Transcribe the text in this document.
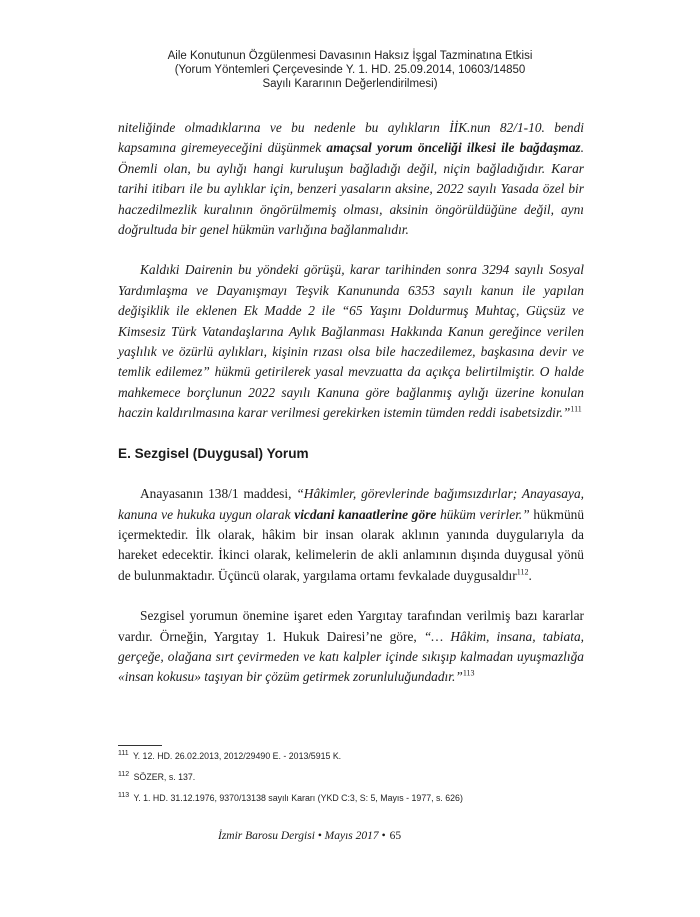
Aile Konutunun Özgülenmesi Davasının Haksız İşgal Tazminatına Etkisi
(Yorum Yöntemleri Çerçevesinde Y. 1. HD. 25.09.2014, 10603/14850
Sayılı Kararının Değerlendirilmesi)

niteliğinde olmadıklarına ve bu nedenle bu aylıkların İİK.nun 82/1-10. bendi kapsamına giremeyeceğini düşünmek amaçsal yorum önceliği ilkesi ile bağdaşmaz. Önemli olan, bu aylığı hangi kuruluşun bağladığı değil, niçin bağladığıdır. Karar tarihi itibarı ile bu aylıklar için, benzeri yasaların aksine, 2022 sayılı Yasada özel bir haczedilmezlik kuralının öngörülmemiş olması, aksinin öngörüldüğüne değil, aynı doğrultuda bir genel hükmün varlığına bağlanmalıdır.

Kaldıki Dairenin bu yöndeki görüşü, karar tarihinden sonra 3294 sayılı Sosyal Yardımlaşma ve Dayanışmayı Teşvik Kanununda 6353 sayılı kanun ile yapılan değişiklik ile eklenen Ek Madde 2 ile “65 Yaşını Doldurmuş Muhtaç, Güçsüz ve Kimsesiz Türk Vatandaşlarına Aylık Bağlanması Hakkında Kanun gereğince verilen yaşlılık ve özürlü aylıkları, kişinin rızası olsa bile haczedilemez, başkasına devir ve temlik edilemez” hükmü getirilerek yasal mevzuatta da açıkça belirtilmiştir. O halde mahkemece borçlunun 2022 sayılı Kanuna göre bağlanmış aylığı üzerine konulan haczin kaldırılmasına karar verilmesi gerekirken istemin tümden reddi isabetsizdir.”$^{111}$

E. Sezgisel (Duygusal) Yorum

Anayasanın 138/1 maddesi, “Hâkimler, görevlerinde bağımsızdırlar; Anayasaya, kanuna ve hukuka uygun olarak vicdani kanaatlerine göre hüküm verirler.” hükmünü içermektedir. İlk olarak, hâkim bir insan olarak aklının yanında duygularıyla da hareket edecektir. İkinci olarak, kelimelerin de akli anlamının dışında duygusal yönü de bulunmaktadır. Üçüncü olarak, yargılama ortamı fevkalade duygusaldır$^{112}$.

Sezgisel yorumun önemine işaret eden Yargıtay tarafından verilmiş bazı kararlar vardır. Örneğin, Yargıtay 1. Hukuk Dairesi’ne göre, “… Hâkim, insana, tabiata, gerçeğe, olağana sırt çevirmeden ve katı kalpler içinde sıkışıp kalmadan uyuşmazlığa «insan kokusu» taşıyan bir çözüm getirmek zorunluluğundadır.”$^{113}$

$^{111}$ Y. 12. HD. 26.02.2013, 2012/29490 E. - 2013/5915 K.

$^{112}$ SÖZER, s. 137.

$^{113}$ Y. 1. HD. 31.12.1976, 9370/13138 sayılı Kararı (YKD C:3, S: 5, Mayıs - 1977, s. 626)

İzmir Barosu Dergisi • Mayıs 2017 • 65
